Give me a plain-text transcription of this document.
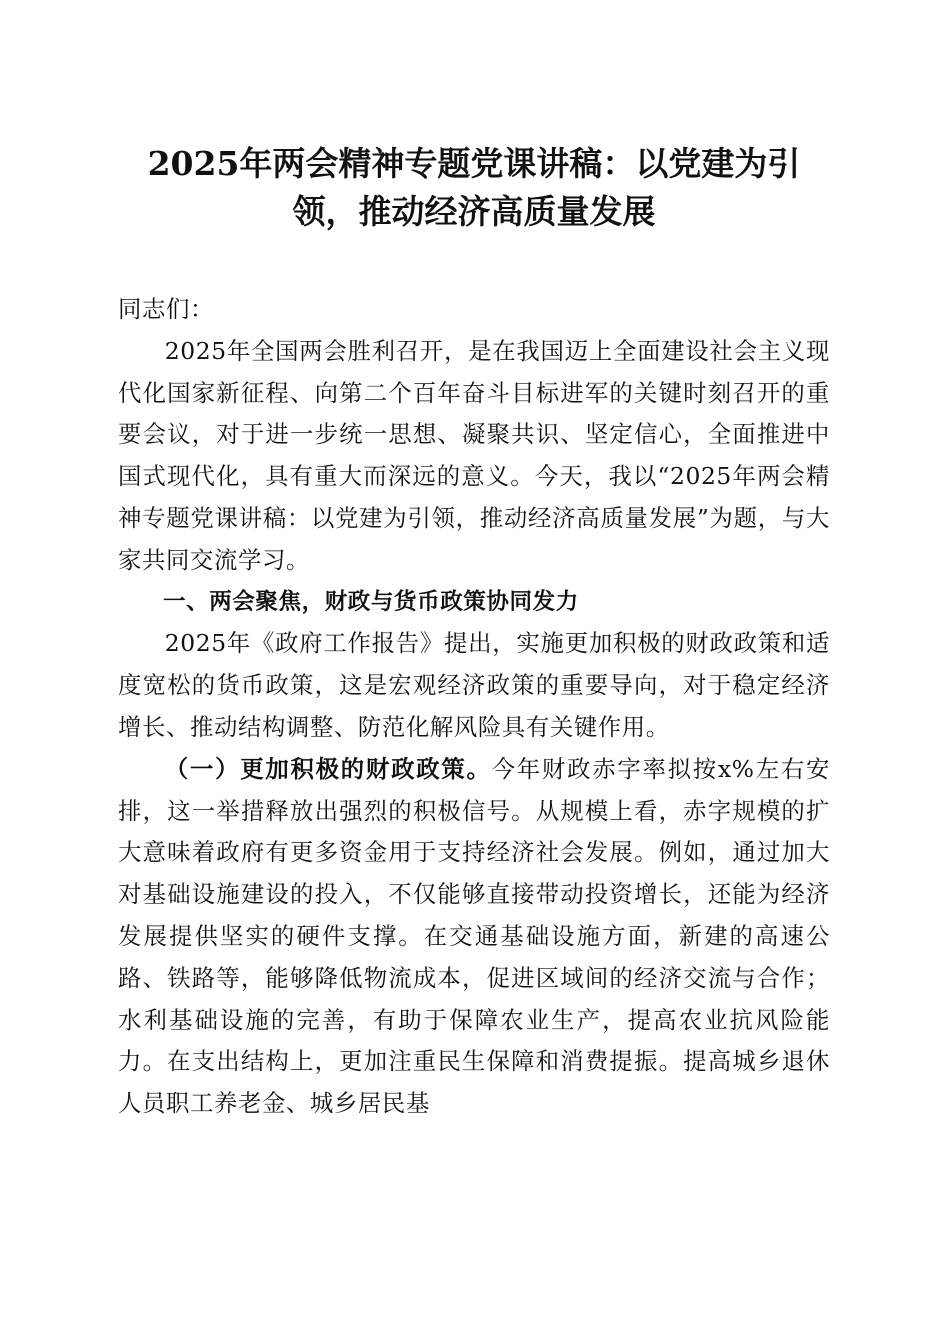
2025年两会精神专题党课讲稿：以党建为引
领，推动经济高质量发展

同志们：

2025年全国两会胜利召开，是在我国迈上全面建设社会主义现代化国家新征程、向第二个百年奋斗目标进军的关键时刻召开的重要会议，对于进一步统一思想、凝聚共识、坚定信心，全面推进中国式现代化，具有重大而深远的意义。今天，我以“2025年两会精神专题党课讲稿：以党建为引领，推动经济高质量发展”为题，与大家共同交流学习。

一、两会聚焦，财政与货币政策协同发力

2025年《政府工作报告》提出，实施更加积极的财政政策和适度宽松的货币政策，这是宏观经济政策的重要导向，对于稳定经济增长、推动结构调整、防范化解风险具有关键作用。

（一）更加积极的财政政策。今年财政赤字率拟按x%左右安排，这一举措释放出强烈的积极信号。从规模上看，赤字规模的扩大意味着政府有更多资金用于支持经济社会发展。例如，通过加大对基础设施建设的投入，不仅能够直接带动投资增长，还能为经济发展提供坚实的硬件支撑。在交通基础设施方面，新建的高速公路、铁路等，能够降低物流成本，促进区域间的经济交流与合作；水利基础设施的完善，有助于保障农业生产，提高农业抗风险能力。在支出结构上，更加注重民生保障和消费提振。提高城乡退休人员职工养老金、城乡居民基
